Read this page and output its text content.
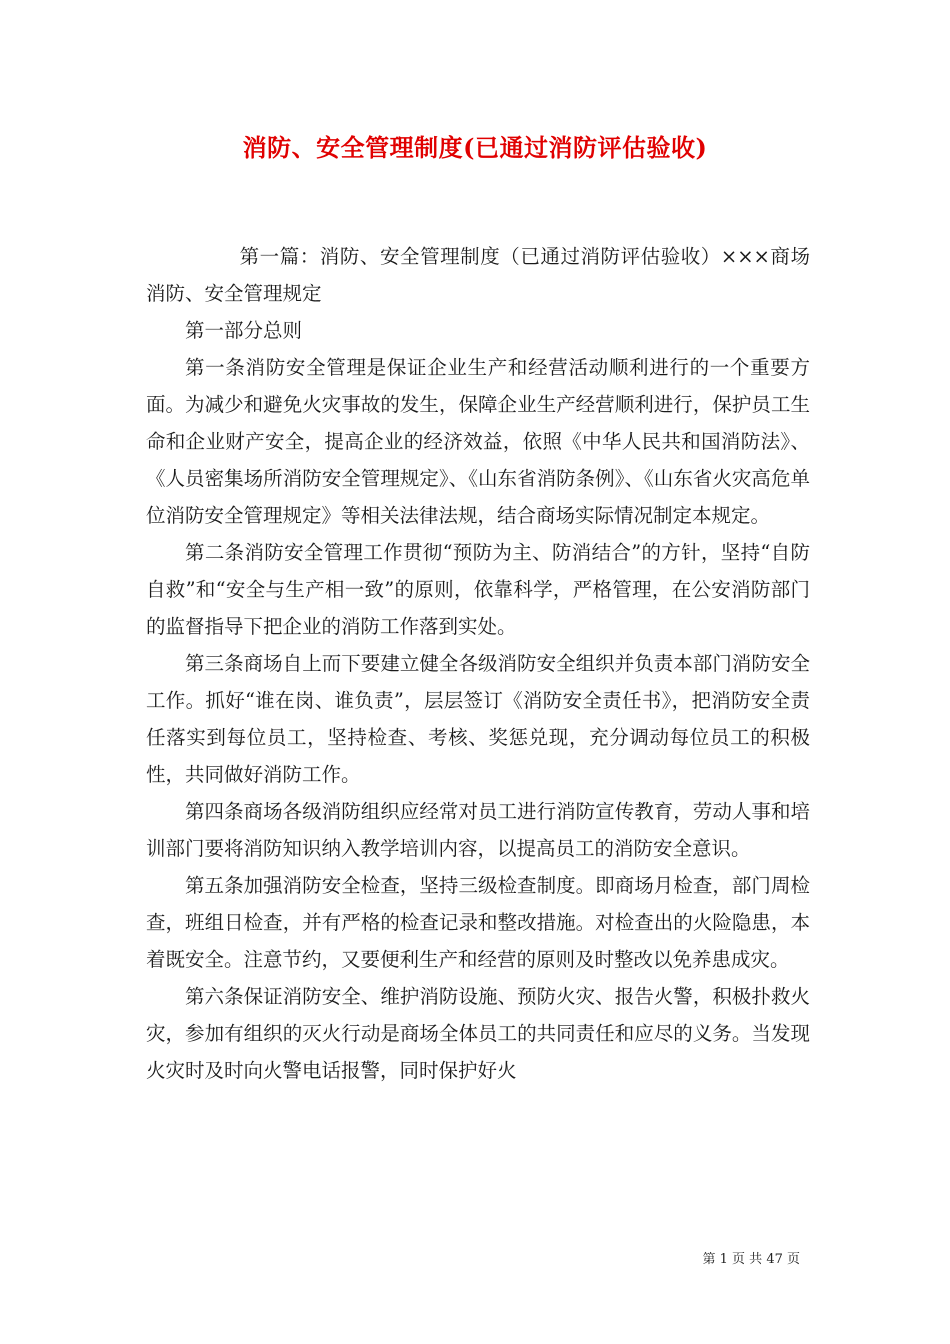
消防、安全管理制度(已通过消防评估验收)

第一篇：消防、安全管理制度（已通过消防评估验收）×××商场消防、安全管理规定

第一部分总则

第一条消防安全管理是保证企业生产和经营活动顺利进行的一个重要方面。为减少和避免火灾事故的发生，保障企业生产经营顺利进行，保护员工生命和企业财产安全，提高企业的经济效益，依照《中华人民共和国消防法》、《人员密集场所消防安全管理规定》、《山东省消防条例》、《山东省火灾高危单位消防安全管理规定》等相关法律法规，结合商场实际情况制定本规定。

第二条消防安全管理工作贯彻“预防为主、防消结合”的方针，坚持“自防自救”和“安全与生产相一致”的原则，依靠科学，严格管理，在公安消防部门的监督指导下把企业的消防工作落到实处。

第三条商场自上而下要建立健全各级消防安全组织并负责本部门消防安全工作。抓好“谁在岗、谁负责”，层层签订《消防安全责任书》，把消防安全责任落实到每位员工，坚持检查、考核、奖惩兑现，充分调动每位员工的积极性，共同做好消防工作。

第四条商场各级消防组织应经常对员工进行消防宣传教育，劳动人事和培训部门要将消防知识纳入教学培训内容，以提高员工的消防安全意识。

第五条加强消防安全检查，坚持三级检查制度。即商场月检查，部门周检查，班组日检查，并有严格的检查记录和整改措施。对检查出的火险隐患，本着既安全。注意节约，又要便利生产和经营的原则及时整改以免养患成灾。

第六条保证消防安全、维护消防设施、预防火灾、报告火警，积极扑救火灾，参加有组织的灭火行动是商场全体员工的共同责任和应尽的义务。当发现火灾时及时向火警电话报警，同时保护好火

第 1 页 共 47 页
